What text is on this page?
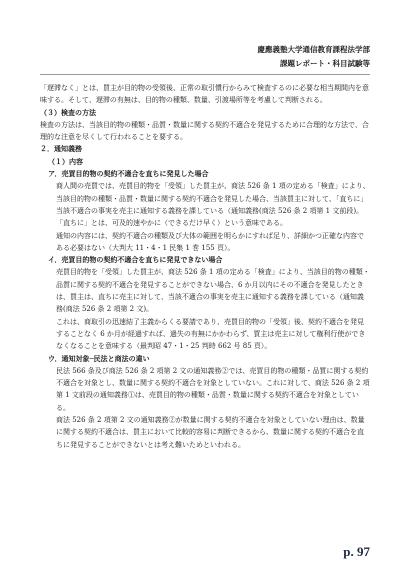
慶應義塾大学通信教育課程法学部
課題レポート・科目試験等

「遅滞なく」とは、買主が目的物の受領後、正常の取引慣行からみて検査するのに必要な相当期間内を意味する。そして、遅滞の有無は、目的物の種類、数量、引渡場所等を考慮して判断される。

（３）検査の方法

検査の方法は、当該目的物の種類・品質・数量に関する契約不適合を発見するために合理的な方法で、合理的な注意を尽くして行われることを要する。

２．通知義務

（１）内容

ア．売買目的物の契約不適合を直ちに発見した場合

商人間の売買では、売買目的物を「受領」した買主が、商法 526 条 1 項の定める「検査」により、当該目的物の種類・品質・数量に関する契約不適合を発見した場合、当該買主に対して、「直ちに」当該不適合の事実を売主に通知する義務を課している（通知義務(商法 526 条 2 項第 1 文前段)。

「直ちに」とは、可及的速やかに（できるだけ早く）という意味である。

通知の内容には、契約不適合の種類及び大体の範囲を明らかにすれば足り、詳細かつ正確な内容である必要はない（大判大 11・4・1 民集 1 巻 155 頁）。

イ．売買目的物の契約不適合を直ちに発見できない場合

売買目的物を「受領」した買主が、商法 526 条 1 項の定める「検査」により、当該目的物の種類・品質に関する契約不適合を発見することができない場合、6 か月以内にその不適合を発見したときは、買主は、直ちに売主に対して、当該不適合の事実を売主に通知する義務を課している（通知義務(商法 526 条 2 項第 2 文)。

これは、商取引の迅速結了主義からくる要請であり、売買目的物の「受領」後、契約不適合を発見することなく 6 か月が経過すれば、過失の有無にかかわらず、買主は売主に対して権利行使ができなくなることを意味する（最判昭 47・1・25 判時 662 号 85 頁）。

ウ．通知対象─民法と商法の違い

民法 566 条及び商法 526 条 2 項第 2 文の通知義務②では、売買目的物の種類・品質に関する契約不適合を対象とし、数量に関する契約不適合を対象としていない。これに対して、商法 526 条 2 項第 1 文前段の通知義務①は、売買目的物の種類・品質・数量に関する契約不適合を対象としている。

商法 526 条 2 項第 2 文の通知義務②が数量に関する契約不適合を対象としていない理由は、数量に関する契約不適合は、買主において比較的容易に判断できるから、数量に関する契約不適合を直ちに発見することができないとは考え難いためといわれる。

p. 97
